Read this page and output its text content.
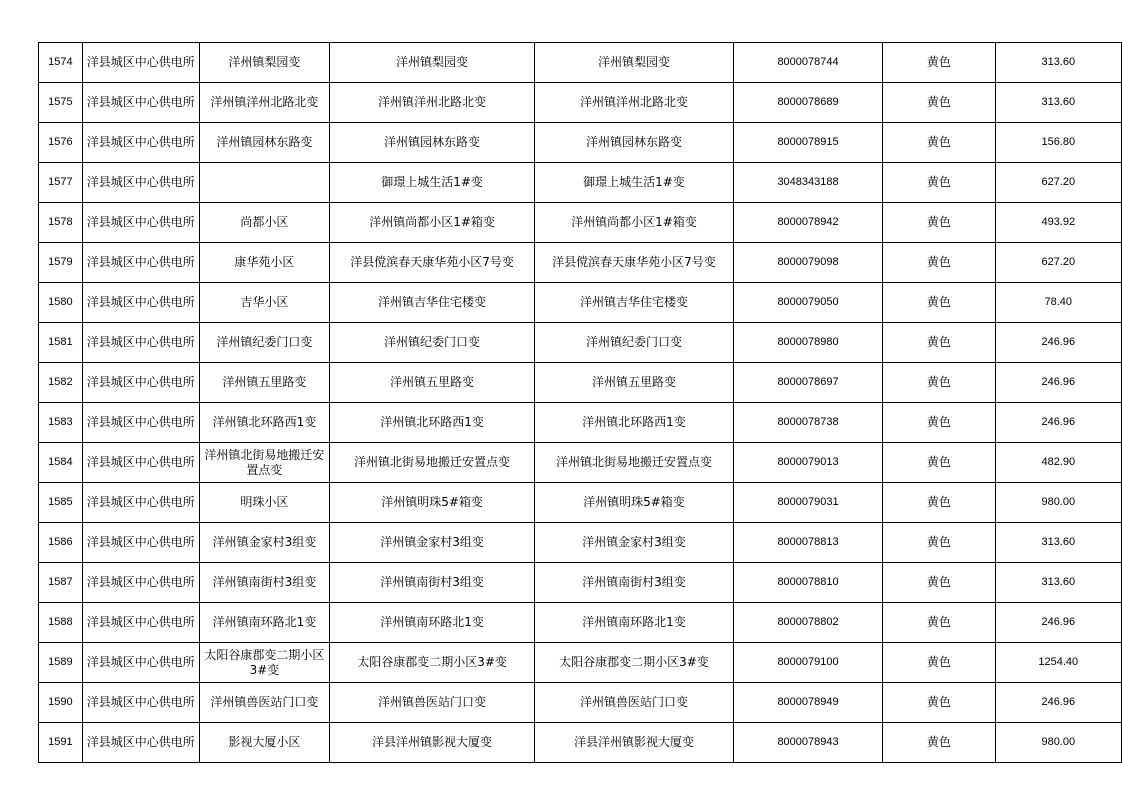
1574	洋县城区中心供电所	洋州镇梨园变	洋州镇梨园变	洋州镇梨园变	8000078744	黄色	313.60
1575	洋县城区中心供电所	洋州镇洋州北路北变	洋州镇洋州北路北变	洋州镇洋州北路北变	8000078689	黄色	313.60
1576	洋县城区中心供电所	洋州镇园林东路变	洋州镇园林东路变	洋州镇园林东路变	8000078915	黄色	156.80
1577	洋县城区中心供电所		御璟上城生活1#变	御璟上城生活1#变	3048343188	黄色	627.20
1578	洋县城区中心供电所	尚都小区	洋州镇尚都小区1#箱变	洋州镇尚都小区1#箱变	8000078942	黄色	493.92
1579	洋县城区中心供电所	康华苑小区	洋县傥滨春天康华苑小区7号变	洋县傥滨春天康华苑小区7号变	8000079098	黄色	627.20
1580	洋县城区中心供电所	吉华小区	洋州镇吉华住宅楼变	洋州镇吉华住宅楼变	8000079050	黄色	78.40
1581	洋县城区中心供电所	洋州镇纪委门口变	洋州镇纪委门口变	洋州镇纪委门口变	8000078980	黄色	246.96
1582	洋县城区中心供电所	洋州镇五里路变	洋州镇五里路变	洋州镇五里路变	8000078697	黄色	246.96
1583	洋县城区中心供电所	洋州镇北环路西1变	洋州镇北环路西1变	洋州镇北环路西1变	8000078738	黄色	246.96
1584	洋县城区中心供电所	洋州镇北街易地搬迁安置点变	洋州镇北街易地搬迁安置点变	洋州镇北街易地搬迁安置点变	8000079013	黄色	482.90
1585	洋县城区中心供电所	明珠小区	洋州镇明珠5#箱变	洋州镇明珠5#箱变	8000079031	黄色	980.00
1586	洋县城区中心供电所	洋州镇金家村3组变	洋州镇金家村3组变	洋州镇金家村3组变	8000078813	黄色	313.60
1587	洋县城区中心供电所	洋州镇南街村3组变	洋州镇南街村3组变	洋州镇南街村3组变	8000078810	黄色	313.60
1588	洋县城区中心供电所	洋州镇南环路北1变	洋州镇南环路北1变	洋州镇南环路北1变	8000078802	黄色	246.96
1589	洋县城区中心供电所	太阳谷康郡变二期小区3#变	太阳谷康郡变二期小区3#变	太阳谷康郡变二期小区3#变	8000079100	黄色	1254.40
1590	洋县城区中心供电所	洋州镇兽医站门口变	洋州镇兽医站门口变	洋州镇兽医站门口变	8000078949	黄色	246.96
1591	洋县城区中心供电所	影视大厦小区	洋县洋州镇影视大厦变	洋县洋州镇影视大厦变	8000078943	黄色	980.00
